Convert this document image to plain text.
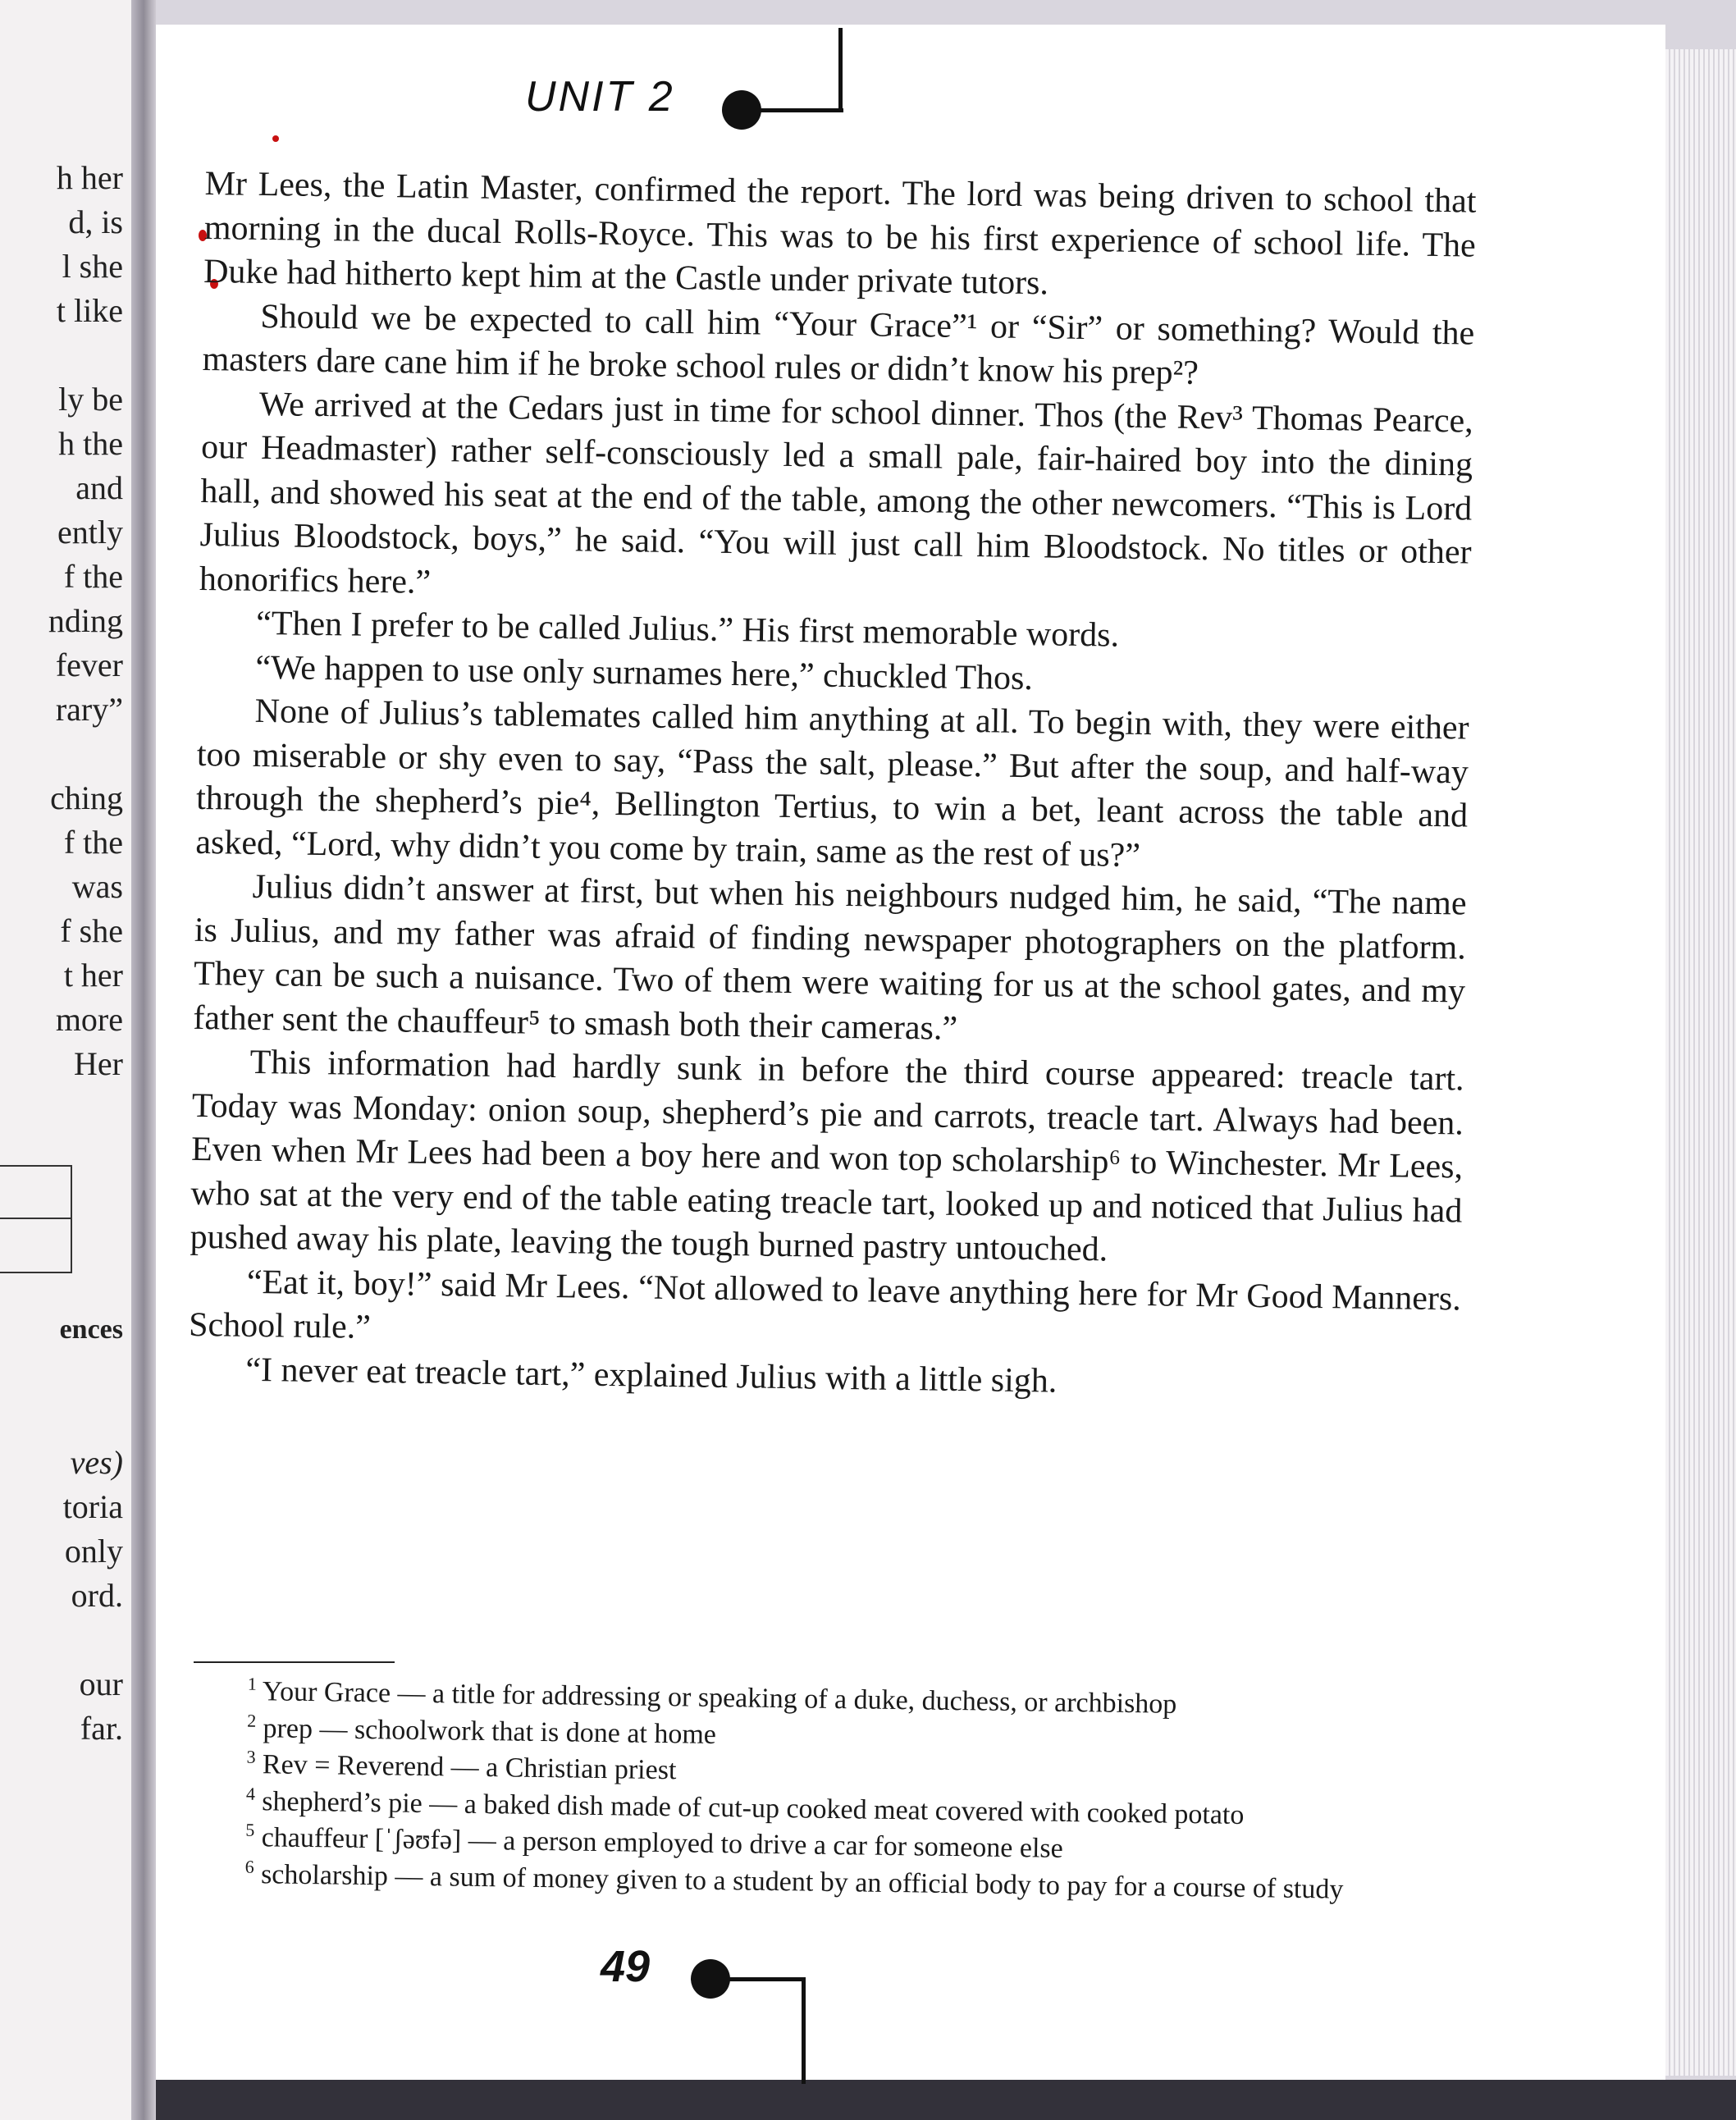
h her
d, is
l she
t like
ly be
h the
and
ently
f the
nding
fever
rary”
ching
f the
was
f she
t her
more
Her
ences
ves)
toria
only
ord.
our
far.
UNIT 2

Mr Lees, the Latin Master, confirmed the report. The lord was being driven to school that morning in the ducal Rolls-Royce. This was to be his first experience of school life. The Duke had hitherto kept him at the Castle under private tutors.

Should we be expected to call him “Your Grace”¹ or “Sir” or something? Would the masters dare cane him if he broke school rules or didn’t know his prep²?

We arrived at the Cedars just in time for school dinner. Thos (the Rev³ Thomas Pearce, our Headmaster) rather self-consciously led a small pale, fair-haired boy into the dining hall, and showed his seat at the end of the table, among the other newcomers. “This is Lord Julius Bloodstock, boys,” he said. “You will just call him Bloodstock. No titles or other honorifics here.”

“Then I prefer to be called Julius.” His first memorable words.

“We happen to use only surnames here,” chuckled Thos.

None of Julius’s tablemates called him anything at all. To begin with, they were either too miserable or shy even to say, “Pass the salt, please.” But after the soup, and half-way through the shepherd’s pie⁴, Bellington Tertius, to win a bet, leant across the table and asked, “Lord, why didn’t you come by train, same as the rest of us?”

Julius didn’t answer at first, but when his neighbours nudged him, he said, “The name is Julius, and my father was afraid of finding newspaper photographers on the platform. They can be such a nuisance. Two of them were waiting for us at the school gates, and my father sent the chauffeur⁵ to smash both their cameras.”

This information had hardly sunk in before the third course appeared: treacle tart. Today was Monday: onion soup, shepherd’s pie and carrots, treacle tart. Always had been. Even when Mr Lees had been a boy here and won top scholarship⁶ to Winchester. Mr Lees, who sat at the very end of the table eating treacle tart, looked up and noticed that Julius had pushed away his plate, leaving the tough burned pastry untouched.

“Eat it, boy!” said Mr Lees. “Not allowed to leave anything here for Mr Good Manners. School rule.”

“I never eat treacle tart,” explained Julius with a little sigh.

$^1$ Your Grace — a title for addressing or speaking of a duke, duchess, or archbishop
$^2$ prep — schoolwork that is done at home
$^3$ Rev = Reverend — a Christian priest
$^4$ shepherd’s pie — a baked dish made of cut-up cooked meat covered with cooked potato
$^5$ chauffeur [ˈʃəʊfə] — a person employed to drive a car for someone else
$^6$ scholarship — a sum of money given to a student by an official body to pay for a course of study
49
